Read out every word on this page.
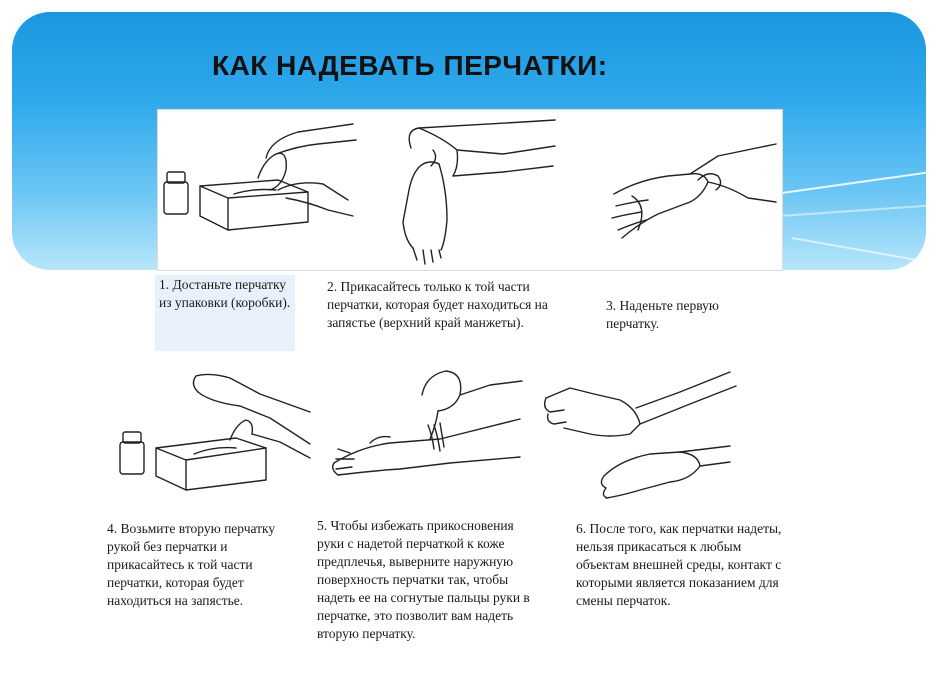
КАК НАДЕВАТЬ ПЕРЧАТКИ:

1. Достаньте перчатку из упаковки (коробки).

2. Прикасайтесь только к той части перчатки, которая будет находиться на запястье (верхний край манжеты).

3. Наденьте первую перчатку.

4. Возьмите вторую перчатку рукой без перчатки и прикасайтесь к той части перчатки, которая будет находиться на запястье.

5. Чтобы избежать прикосновения руки с надетой перчаткой к коже предплечья, выверните наружную поверхность перчатки так, чтобы надеть ее на согнутые пальцы руки в перчатке, это позволит вам надеть вторую перчатку.

6. После того, как перчатки надеты, нельзя прикасаться к любым объектам внешней среды, контакт с которыми является показанием для смены перчаток.
